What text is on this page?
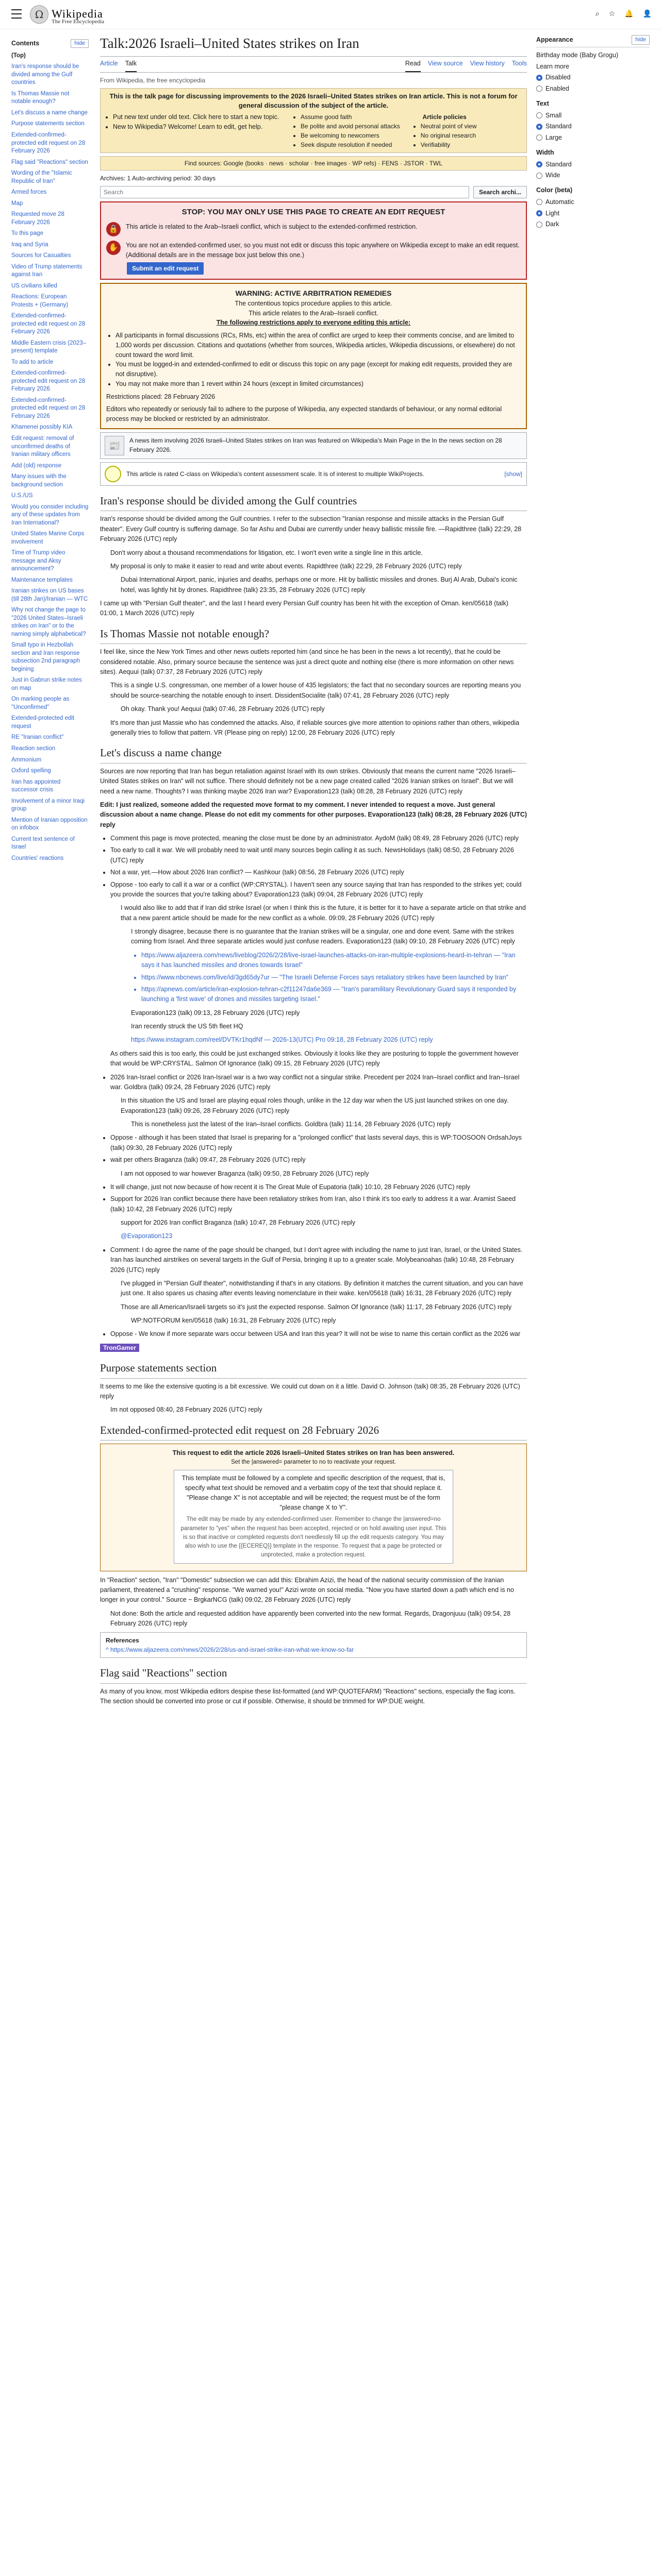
Ω Wikipedia
The Free Encyclopedia
⌕ ☆ 🔔 👤
Contents	hide
(Top)
Iran's response should be divided among the Gulf countries
Is Thomas Massie not notable enough?
Let's discuss a name change
Purpose statements section
Extended-confirmed-protected edit request on 28 February 2026
Flag said "Reactions" section
Wording of the "Islamic Republic of Iran"
Armed forces
Map
Requested move 28 February 2026
To this page
Iraq and Syria
Sources for Casualties
Video of Trump statements against Iran
US civilians killed
Reactions: European Protests + (Germany)
Extended-confirmed-protected edit request on 28 February 2026
Middle Eastern crisis (2023–present) template
To add to article
Extended-confirmed-protected edit request on 28 February 2026
Extended-confirmed-protected edit request on 28 February 2026
Khamenei possibly KIA
Edit request: removal of unconfirmed deaths of Iranian military officers
Add (old) response
Many issues with the background section
U.S./US
Would you consider including any of these updates from Iran International?
United States Marine Corps involvement
Time of Trump video message and Aksy announcement?
Maintenance templates
Iranian strikes on US bases (till 28th Jan)/Iranian — WTC
Why not change the page to "2026 United States–Israeli strikes on Iran" or to the naming simply alphabetical?
Small typo in Hezbollah section and Iran response subsection 2nd paragraph begining
Just in Gabrun strike notes on map
On marking people as "Unconfirmed"
Extended-protected edit request
RE "Iranian conflict"
Reaction section
Ammonium
Oxford spelling
Iran has appointed successor crisis
Involvement of a minor Iraqi group
Mention of Iranian opposition on infobox
Current text sentence of Israel
Countries' reactions
Talk:2026 Israeli–United States strikes on Iran
Article Talk	Read View source View history Tools
From Wikipedia, the free encyclopedia
This is the talk page for discussing improvements to the 2026 Israeli–United States strikes on Iran article. This is not a forum for general discussion of the subject of the article.
• Put new text under old text. Click here to start a new topic.
• New to Wikipedia? Welcome! Learn to edit, get help.
• Assume good faith
• Be polite and avoid personal attacks
• Be welcoming to newcomers
• Seek dispute resolution if needed
Article policies
• Neutral point of view
• No original research
• Verifiability
Find sources: Google (books · news · scholar · free images · WP refs) · FENS · JSTOR · TWL
Archives: 1 Auto-archiving period: 30 days
Search	Search archi...
STOP: YOU MAY ONLY USE THIS PAGE TO CREATE AN EDIT REQUEST
🔒	This article is related to the Arab–Israeli conflict, which is subject to the extended-confirmed restriction.
✋	You are not an extended-confirmed user, so you must not edit or discuss this topic anywhere on Wikipedia except to make an edit request. (Additional details are in the message box just below this one.)
Submit an edit request
WARNING: ACTIVE ARBITRATION REMEDIES
The contentious topics procedure applies to this article.
This article relates to the Arab–Israeli conflict.
The following restrictions apply to everyone editing this article:
• All participants in formal discussions (RCs, RMs, etc) within the area of conflict are urged to keep their comments concise, and are limited to 1,000 words per discussion. Citations and quotations (whether from sources, Wikipedia articles, Wikipedia discussions, or elsewhere) do not count toward the word limit.
• You must be logged-in and extended-confirmed to edit or discuss this topic on any page (except for making edit requests, provided they are not disruptive).
• You may not make more than 1 revert within 24 hours (except in limited circumstances)
Restrictions placed: 28 February 2026
Editors who repeatedly or seriously fail to adhere to the purpose of Wikipedia, any expected standards of behaviour, or any normal editorial process may be blocked or restricted by an administrator.
📰	A news item involving 2026 Israeli–United States strikes on Iran was featured on Wikipedia's Main Page in the In the news section on 28 February 2026.
This article is rated C-class on Wikipedia's content assessment scale. It is of interest to multiple WikiProjects.	[show]
Iran's response should be divided among the Gulf countries

Iran's response should be divided among the Gulf countries. I refer to the subsection "Iranian response and missile attacks in the Persian Gulf theater". Every Gulf country is suffering damage. So far Ashu and Dubai are currently under heavy ballistic missile fire. —Rapidthree (talk) 22:29, 28 February 2026 (UTC) reply

Don't worry about a thousand recommendations for litigation, etc. I won't even write a single line in this article.

My proposal is only to make it easier to read and write about events. Rapidthree (talk) 22:29, 28 February 2026 (UTC) reply

Dubai International Airport, panic, injuries and deaths, perhaps one or more. Hit by ballistic missiles and drones. Burj Al Arab, Dubai's iconic hotel, was lightly hit by drones. Rapidthree (talk) 23:35, 28 February 2026 (UTC) reply

I came up with "Persian Gulf theater", and the last I heard every Persian Gulf country has been hit with the exception of Oman. ken/05618 (talk) 01:00, 1 March 2026 (UTC) reply

Is Thomas Massie not notable enough?

I feel like, since the New York Times and other news outlets reported him (and since he has been in the news a lot recently), that he could be considered notable. Also, primary source because the sentence was just a direct quote and nothing else (there is more information on other news sites). Aequui (talk) 07:37, 28 February 2026 (UTC) reply

This is a single U.S. congressman, one member of a lower house of 435 legislators; the fact that no secondary sources are reporting means you should be source-searching the notable enough to insert. DissidentSocialite (talk) 07:41, 28 February 2026 (UTC) reply

Oh okay. Thank you! Aequui (talk) 07:46, 28 February 2026 (UTC) reply

It's more than just Massie who has condemned the attacks. Also, if reliable sources give more attention to opinions rather than others, wikipedia generally tries to follow that pattern. VR (Please ping on reply) 12:00, 28 February 2026 (UTC) reply

Let's discuss a name change

Sources are now reporting that Iran has begun retaliation against Israel with its own strikes. Obviously that means the current name "2026 Israeli–United States strikes on Iran" will not suffice. There should definitely not be a new page created called "2026 Iranian strikes on Israel". But we will need a new name. Thoughts? I was thinking maybe 2026 Iran war? Evaporation123 (talk) 08:28, 28 February 2026 (UTC) reply

Edit: I just realized, someone added the requested move format to my comment. I never intended to request a move. Just general discussion about a name change. Please do not edit my comments for other purposes. Evaporation123 (talk) 08:28, 28 February 2026 (UTC) reply

• Comment this page is move protected, meaning the close must be done by an administrator. AydoM (talk) 08:49, 28 February 2026 (UTC) reply
• Too early to call it war. We will probably need to wait until many sources begin calling it as such. NewsHolidays (talk) 08:50, 28 February 2026 (UTC) reply
• Not a war, yet.—How about 2026 Iran conflict? — Kashkour (talk) 08:56, 28 February 2026 (UTC) reply
• Oppose - too early to call it a war or a conflict (WP:CRYSTAL). I haven't seen any source saying that Iran has responded to the strikes yet; could you provide the sources that you're talking about? Evaporation123 (talk) 09:04, 28 February 2026 (UTC) reply

I would also like to add that if Iran did strike Israel (or when I think this is the future, it is better for it to have a separate article on that strike and that a new parent article should be made for the new conflict as a whole. 09:09, 28 February 2026 (UTC) reply

I strongly disagree, because there is no guarantee that the Iranian strikes will be a singular, one and done event. Same with the strikes coming from Israel. And three separate articles would just confuse readers. Evaporation123 (talk) 09:10, 28 February 2026 (UTC) reply

• https://www.aljazeera.com/news/liveblog/2026/2/28/live-israel-launches-attacks-on-iran-multiple-explosions-heard-in-tehran — "Iran says it has launched missiles and drones towards Israel"
• https://www.nbcnews.com/live/id/3gd65dy7ur — "The Israeli Defense Forces says retaliatory strikes have been launched by Iran"
• https://apnews.com/article/iran-explosion-tehran-c2f11247da6e369 — "Iran's paramilitary Revolutionary Guard says it responded by launching a 'first wave' of drones and missiles targeting Israel."

Evaporation123 (talk) 09:13, 28 February 2026 (UTC) reply

Iran recently struck the US 5th fleet HQ

https://www.instagram.com/reel/DVTKr1hqdNf — 2026-13(UTC) Pro 09:18, 28 February 2026 (UTC) reply

As others said this is too early, this could be just exchanged strikes. Obviously it looks like they are posturing to topple the government however that would be WP:CRYSTAL. Salmon Of Ignorance (talk) 09:15, 28 February 2026 (UTC) reply

• 2026 Iran-Israel conflict or 2026 Iran-Israel war is a two way conflict not a singular strike. Precedent per 2024 Iran–Israel conflict and Iran–Israel war. Goldbra (talk) 09:24, 28 February 2026 (UTC) reply

In this situation the US and Israel are playing equal roles though, unlike in the 12 day war when the US just launched strikes on one day. Evaporation123 (talk) 09:26, 28 February 2026 (UTC) reply

This is nonetheless just the latest of the Iran–Israel conflicts. Goldbra (talk) 11:14, 28 February 2026 (UTC) reply

• Oppose - although it has been stated that Israel is preparing for a "prolonged conflict" that lasts several days, this is WP:TOOSOON OrdsahJoys (talk) 09:30, 28 February 2026 (UTC) reply
• wait per others Braganza (talk) 09:47, 28 February 2026 (UTC) reply

I am not opposed to war however Braganza (talk) 09:50, 28 February 2026 (UTC) reply

• It will change, just not now because of how recent it is The Great Mule of Eupatoria (talk) 10:10, 28 February 2026 (UTC) reply
• Support for 2026 Iran conflict because there have been retaliatory strikes from Iran, also I think it's too early to address it a war. Aramist Saeed (talk) 10:42, 28 February 2026 (UTC) reply

support for 2026 Iran conflict Braganza (talk) 10:47, 28 February 2026 (UTC) reply

@Evaporation123

• Comment: I do agree the name of the page should be changed, but I don't agree with including the name to just Iran, Israel, or the United States. Iran has launched airstrikes on several targets in the Gulf of Persia, bringing it up to a greater scale. Molybeanoahas (talk) 10:48, 28 February 2026 (UTC) reply

I've plugged in "Persian Gulf theater", notwithstanding if that's in any citations. By definition it matches the current situation, and you can have just one. It also spares us chasing after events leaving nomenclature in their wake. ken/05618 (talk) 16:31, 28 February 2026 (UTC) reply

Those are all American/Israeli targets so it's just the expected response. Salmon Of Ignorance (talk) 11:17, 28 February 2026 (UTC) reply

WP:NOTFORUM ken/05618 (talk) 16:31, 28 February 2026 (UTC) reply

• Oppose - We know if more separate wars occur between USA and Iran this year? It will not be wise to name this certain conflict as the 2026 war

TronGamer

Purpose statements section

It seems to me like the extensive quoting is a bit excessive. We could cut down on it a little. David O. Johnson (talk) 08:35, 28 February 2026 (UTC) reply

Im not opposed 08:40, 28 February 2026 (UTC) reply

Extended-confirmed-protected edit request on 28 February 2026
This request to edit the article 2026 Israeli–United States strikes on Iran has been answered.
Set the |answered= parameter to no to reactivate your request.
This template must be followed by a complete and specific description of the request, that is, specify what text should be removed and a verbatim copy of the text that should replace it. "Please change X" is not acceptable and will be rejected; the request must be of the form "please change X to Y".
The edit may be made by any extended-confirmed user. Remember to change the |answered=no parameter to "yes" when the request has been accepted, rejected or on hold awaiting user input. This is so that inactive or completed requests don't needlessly fill up the edit requests category. You may also wish to use the {{ECEREQ}} template in the response. To request that a page be protected or unprotected, make a protection request.

In "Reaction" section, "Iran" "Domestic" subsection we can add this: Ebrahim Azizi, the head of the national security commission of the Iranian parliament, threatened a "crushing" response. "We warned you!" Azizi wrote on social media. "Now you have started down a path which end is no longer in your control." Source ~ BrgkarNCG (talk) 09:02, 28 February 2026 (UTC) reply

Not done: Both the article and requested addition have apparently been converted into the new format. Regards, Dragonjuuu (talk) 09:54, 28 February 2026 (UTC) reply

References
^ https://www.aljazeera.com/news/2026/2/28/us-and-israel-strike-iran-what-we-know-so-far
Flag said "Reactions" section

As many of you know, most Wikipedia editors despise these list-formatted (and WP:QUOTEFARM) "Reactions" sections, especially the flag icons. The section should be converted into prose or cut if possible. Otherwise, it should be trimmed for WP:DUE weight.

Appearance	hide
Birthday mode (Baby Grogu)
Learn more
Disabled
Enabled
Text
Small
Standard
Large
Width
Standard
Wide
Color (beta)
Automatic
Light
Dark
